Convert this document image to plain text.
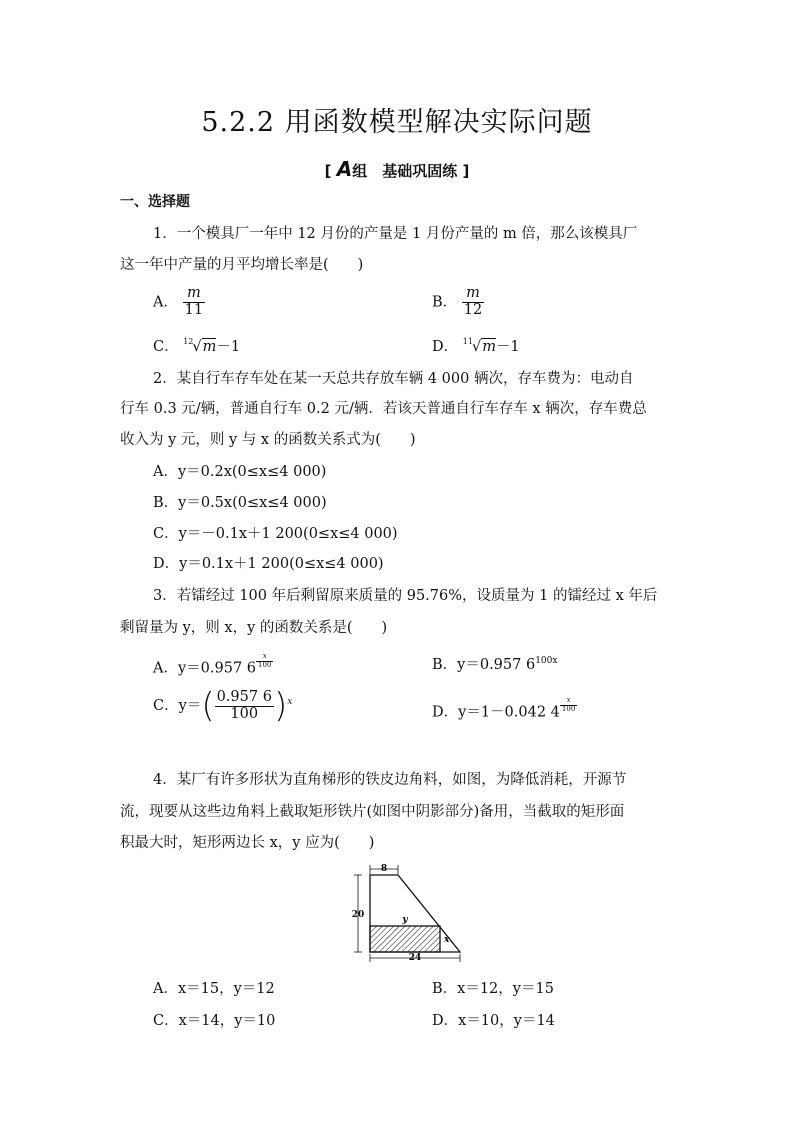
5.2.2 用函数模型解决实际问题
[ A组　基础巩固练 ]
一、选择题
1．一个模具厂一年中 12 月份的产量是 1 月份产量的 m 倍，那么该模具厂
这一年中产量的月平均增长率是(　　)
A． $\frac{m}{11}$	B． $\frac{m}{12}$
C． $^{12}$√m－1	D． $^{11}$√m－1
2．某自行车存车处在某一天总共存放车辆 4 000 辆次，存车费为：电动自
行车 0.3 元/辆，普通自行车 0.2 元/辆．若该天普通自行车存车 x 辆次，存车费总
收入为 y 元，则 y 与 x 的函数关系式为(　　)
A．y＝0.2x(0≤x≤4 000)
B．y＝0.5x(0≤x≤4 000)
C．y＝－0.1x＋1 200(0≤x≤4 000)
D．y＝0.1x＋1 200(0≤x≤4 000)
3．若镭经过 100 年后剩留原来质量的 95.76%，设质量为 1 的镭经过 x 年后
剩留量为 y，则 x，y 的函数关系是(　　)
A．y＝0.957 $6 \frac{x}{100}$	B．y＝0.957 $6^{100x}$
C．$y=( \frac{0.957 6}{100} )^x$
D．y＝1－0.042 $4 \frac{x}{100}$
4．某厂有许多形状为直角梯形的铁皮边角料，如图，为降低消耗，开源节
流，现要从这些边角料上截取矩形铁片(如图中阴影部分)备用，当截取的矩形面
积最大时，矩形两边长 x，y 应为(　　)
8
20
24
y
x
A．x＝15，y＝12	B．x＝12，y＝15
C．x＝14，y＝10	D．x＝10，y＝14
